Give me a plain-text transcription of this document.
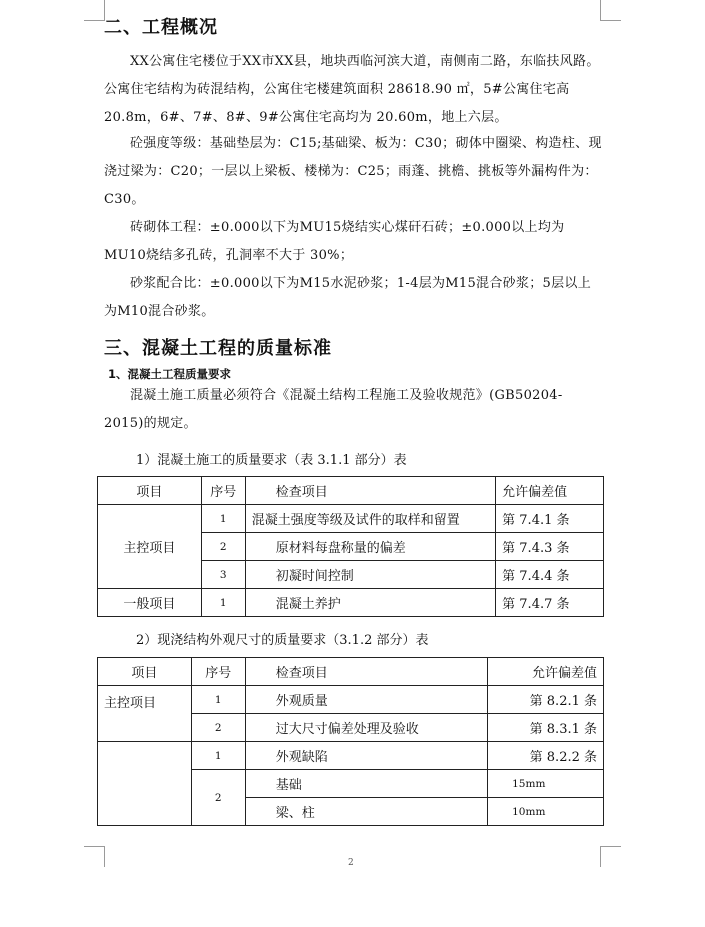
二、工程概况
XX公寓住宅楼位于XX市XX县，地块西临河滨大道，南侧南二路，东临扶风路。公寓住宅结构为砖混结构，公寓住宅楼建筑面积 28618.90 ㎡，5#公寓住宅高 20.8m，6#、7#、8#、9#公寓住宅高均为 20.60m，地上六层。
砼强度等级：基础垫层为：C15;基础梁、板为：C30；砌体中圈梁、构造柱、现浇过梁为：C20；一层以上梁板、楼梯为：C25；雨蓬、挑檐、挑板等外漏构件为：C30。
砖砌体工程：±0.000以下为MU15烧结实心煤矸石砖；±0.000以上均为MU10烧结多孔砖，孔洞率不大于 30%；
砂浆配合比：±0.000以下为M15水泥砂浆；1-4层为M15混合砂浆；5层以上为M10混合砂浆。
三、混凝土工程的质量标准
1、混凝土工程质量要求
混凝土施工质量必须符合《混凝土结构工程施工及验收规范》(GB50204-2015)的规定。
1）混凝土施工的质量要求（表 3.1.1 部分）表
项目	序号	检查项目	允许偏差值
主控项目	1	混凝土强度等级及试件的取样和留置	第 7.4.1 条
	2	原材料每盘称量的偏差	第 7.4.3 条
	3	初凝时间控制	第 7.4.4 条
一般项目	1	混凝土养护	第 7.4.7 条
2）现浇结构外观尺寸的质量要求（3.1.2 部分）表
项目	序号	检查项目	允许偏差值
主控项目	1	外观质量	第 8.2.1 条
	2	过大尺寸偏差处理及验收	第 8.3.1 条
	1	外观缺陷	第 8.2.2 条
	2	基础	15mm
		梁、柱	10mm
2
